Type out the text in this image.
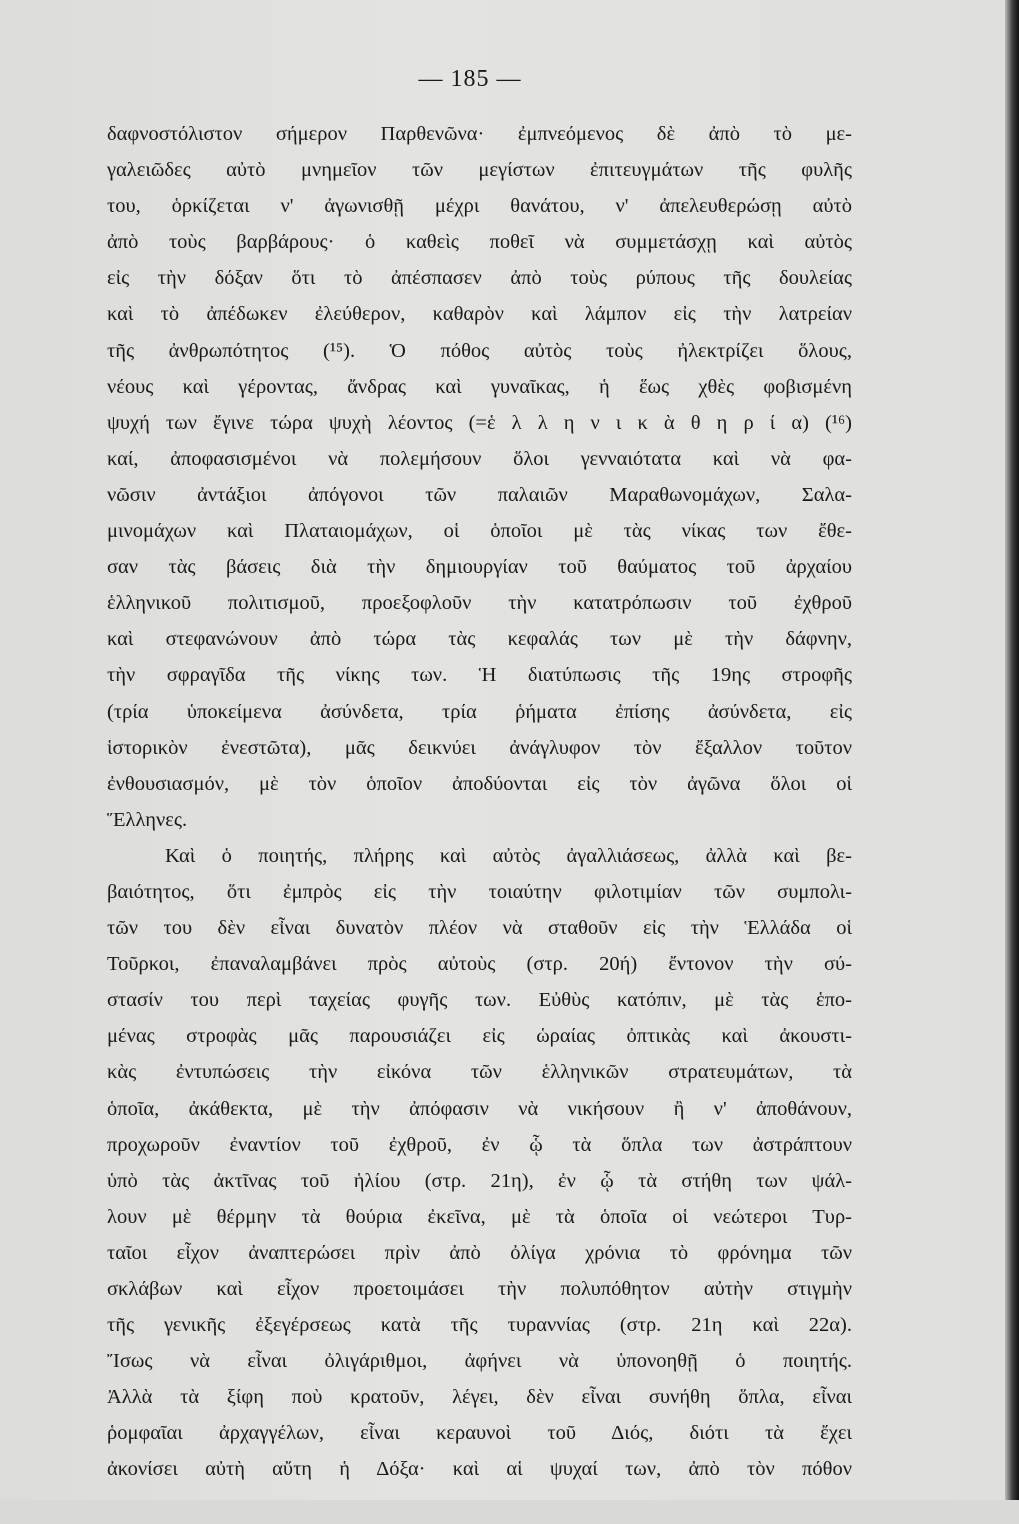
— 185 —
δαφνοστόλιστον σήμερον Παρθενῶνα· ἐμπνεόμενος δὲ ἀπὸ τὸ με-
γαλειῶδες αὐτὸ μνημεῖον τῶν μεγίστων ἐπιτευγμάτων τῆς φυλῆς
του, ὁρκίζεται ν' ἀγωνισθῇ μέχρι θανάτου, ν' ἀπελευθερώσῃ αὐτὸ
ἀπὸ τοὺς βαρβάρους· ὁ καθεὶς ποθεῖ νὰ συμμετάσχῃ καὶ αὐτὸς
εἰς τὴν δόξαν ὅτι τὸ ἀπέσπασεν ἀπὸ τοὺς ρύπους τῆς δουλείας
καὶ τὸ ἀπέδωκεν ἐλεύθερον, καθαρὸν καὶ λάμπον εἰς τὴν λατρείαν
τῆς ἀνθρωπότητος (¹⁵). Ὁ πόθος αὐτὸς τοὺς ἠλεκτρίζει ὅλους,
νέους καὶ γέροντας, ἄνδρας καὶ γυναῖκας, ἡ ἕως χθὲς φοβισμένη
ψυχή των ἔγινε τώρα ψυχὴ λέοντος (=ἑ λ λ η ν ι κ ὰ θ η ρ ί α) (¹⁶)
καί, ἀποφασισμένοι νὰ πολεμήσουν ὅλοι γενναιότατα καὶ νὰ φα-
νῶσιν ἀντάξιοι ἀπόγονοι τῶν παλαιῶν Μαραθωνομάχων, Σαλα-
μινομάχων καὶ Πλαταιομάχων, οἱ ὁποῖοι μὲ τὰς νίκας των ἔθε-
σαν τὰς βάσεις διὰ τὴν δημιουργίαν τοῦ θαύματος τοῦ ἀρχαίου
ἑλληνικοῦ πολιτισμοῦ, προεξοφλοῦν τὴν κατατρόπωσιν τοῦ ἐχθροῦ
καὶ στεφανώνουν ἀπὸ τώρα τὰς κεφαλάς των μὲ τὴν δάφνην,
τὴν σφραγῖδα τῆς νίκης των. Ἡ διατύπωσις τῆς 19ης στροφῆς
(τρία ὑποκείμενα ἀσύνδετα, τρία ῥήματα ἐπίσης ἀσύνδετα, εἰς
ἱστορικὸν ἐνεστῶτα), μᾶς δεικνύει ἀνάγλυφον τὸν ἔξαλλον τοῦτον
ἐνθουσιασμόν, μὲ τὸν ὁποῖον ἀποδύονται εἰς τὸν ἀγῶνα ὅλοι οἱ
Ἕλληνες.
Καὶ ὁ ποιητής, πλήρης καὶ αὐτὸς ἀγαλλιάσεως, ἀλλὰ καὶ βε-
βαιότητος, ὅτι ἐμπρὸς εἰς τὴν τοιαύτην φιλοτιμίαν τῶν συμπολι-
τῶν του δὲν εἶναι δυνατὸν πλέον νὰ σταθοῦν εἰς τὴν Ἑλλάδα οἱ
Τοῦρκοι, ἐπαναλαμβάνει πρὸς αὐτοὺς (στρ. 20ή) ἔντονον τὴν σύ-
στασίν του περὶ ταχείας φυγῆς των. Εὐθὺς κατόπιν, μὲ τὰς ἑπο-
μένας στροφὰς μᾶς παρουσιάζει εἰς ὡραίας ὀπτικὰς καὶ ἀκουστι-
κὰς ἐντυπώσεις τὴν εἰκόνα τῶν ἑλληνικῶν στρατευμάτων, τὰ
ὁποῖα, ἀκάθεκτα, μὲ τὴν ἀπόφασιν νὰ νικήσουν ἢ ν' ἀποθάνουν,
προχωροῦν ἐναντίον τοῦ ἐχθροῦ, ἐν ᾧ τὰ ὅπλα των ἀστράπτουν
ὑπὸ τὰς ἀκτῖνας τοῦ ἡλίου (στρ. 21η), ἐν ᾧ τὰ στήθη των ψάλ-
λουν μὲ θέρμην τὰ θούρια ἐκεῖνα, μὲ τὰ ὁποῖα οἱ νεώτεροι Τυρ-
ταῖοι εἶχον ἀναπτερώσει πρὶν ἀπὸ ὀλίγα χρόνια τὸ φρόνημα τῶν
σκλάβων καὶ εἶχον προετοιμάσει τὴν πολυπόθητον αὐτὴν στιγμὴν
τῆς γενικῆς ἐξεγέρσεως κατὰ τῆς τυραννίας (στρ. 21η καὶ 22α).
Ἴσως νὰ εἶναι ὀλιγάριθμοι, ἀφήνει νὰ ὑπονοηθῇ ὁ ποιητής.
Ἀλλὰ τὰ ξίφη ποὺ κρατοῦν, λέγει, δὲν εἶναι συνήθη ὅπλα, εἶναι
ῥομφαῖαι ἀρχαγγέλων, εἶναι κεραυνοὶ τοῦ Διός, διότι τὰ ἔχει
ἀκονίσει αὐτὴ αὔτη ἡ Δόξα· καὶ αἱ ψυχαί των, ἀπὸ τὸν πόθον
